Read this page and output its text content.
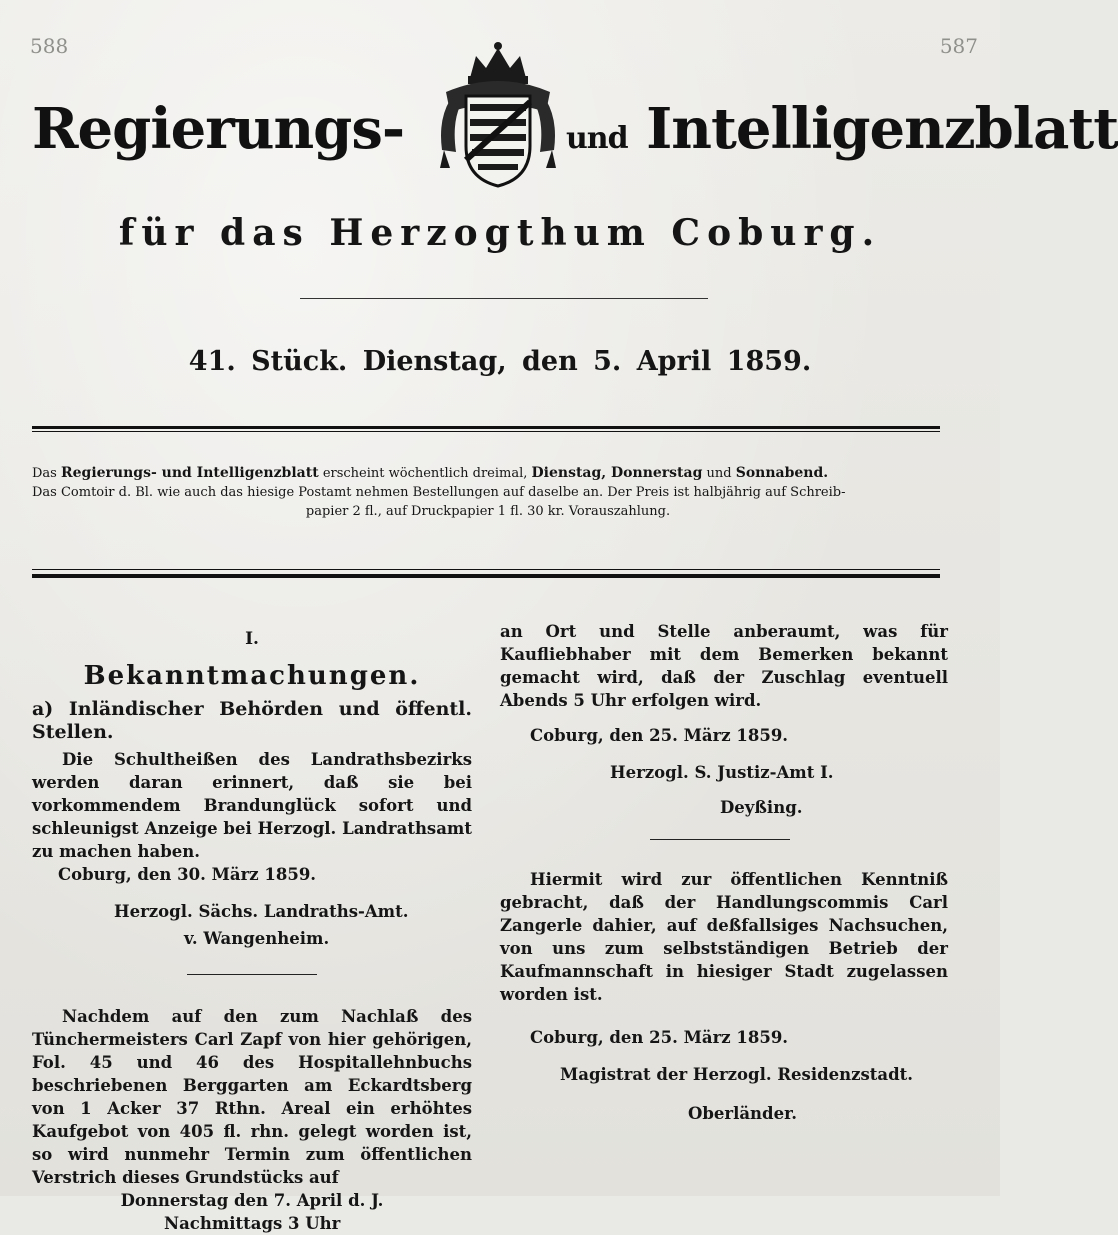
588	587
Regierungs-	und Intelligenzblatt
für das Herzogthum Coburg.
41. Stück. Dienstag, den 5. April 1859.

Das Regierungs- und Intelligenzblatt erscheint wöchentlich dreimal, Dienstag, Donnerstag und Sonnabend.

Das Comtoir d. Bl. wie auch das hiesige Postamt nehmen Bestellungen auf daselbe an. Der Preis ist halbjährig auf Schreib-

papier 2 fl., auf Druckpapier 1 fl. 30 kr. Vorauszahlung.

I.

Bekanntmachungen.

a) Inländischer Behörden und öffentl. Stellen.

Die Schultheißen des Landrathsbezirks werden daran erinnert, daß sie bei vorkommendem Brandunglück sofort und schleunigst Anzeige bei Herzogl. Landrathsamt zu machen haben.

Coburg, den 30. März 1859.

Herzogl. Sächs. Landraths-Amt.

v. Wangenheim.

Nachdem auf den zum Nachlaß des Tünchermeisters Carl Zapf von hier gehörigen, Fol. 45 und 46 des Hospitallehnbuchs beschriebenen Berggarten am Eckardtsberg von 1 Acker 37 Rthn. Areal ein erhöhtes Kaufgebot von 405 fl. rhn. gelegt worden ist, so wird nunmehr Termin zum öffentlichen Verstrich dieses Grundstücks auf

Donnerstag den 7. April d. J.

Nachmittags 3 Uhr

an Ort und Stelle anberaumt, was für Kaufliebhaber mit dem Bemerken bekannt gemacht wird, daß der Zuschlag eventuell Abends 5 Uhr erfolgen wird.

Coburg, den 25. März 1859.

Herzogl. S. Justiz-Amt I.

Deyßing.

Hiermit wird zur öffentlichen Kenntniß gebracht, daß der Handlungscommis Carl Zangerle dahier, auf deßfallsiges Nachsuchen, von uns zum selbstständigen Betrieb der Kaufmannschaft in hiesiger Stadt zugelassen worden ist.

Coburg, den 25. März 1859.

Magistrat der Herzogl. Residenzstadt.

Oberländer.
